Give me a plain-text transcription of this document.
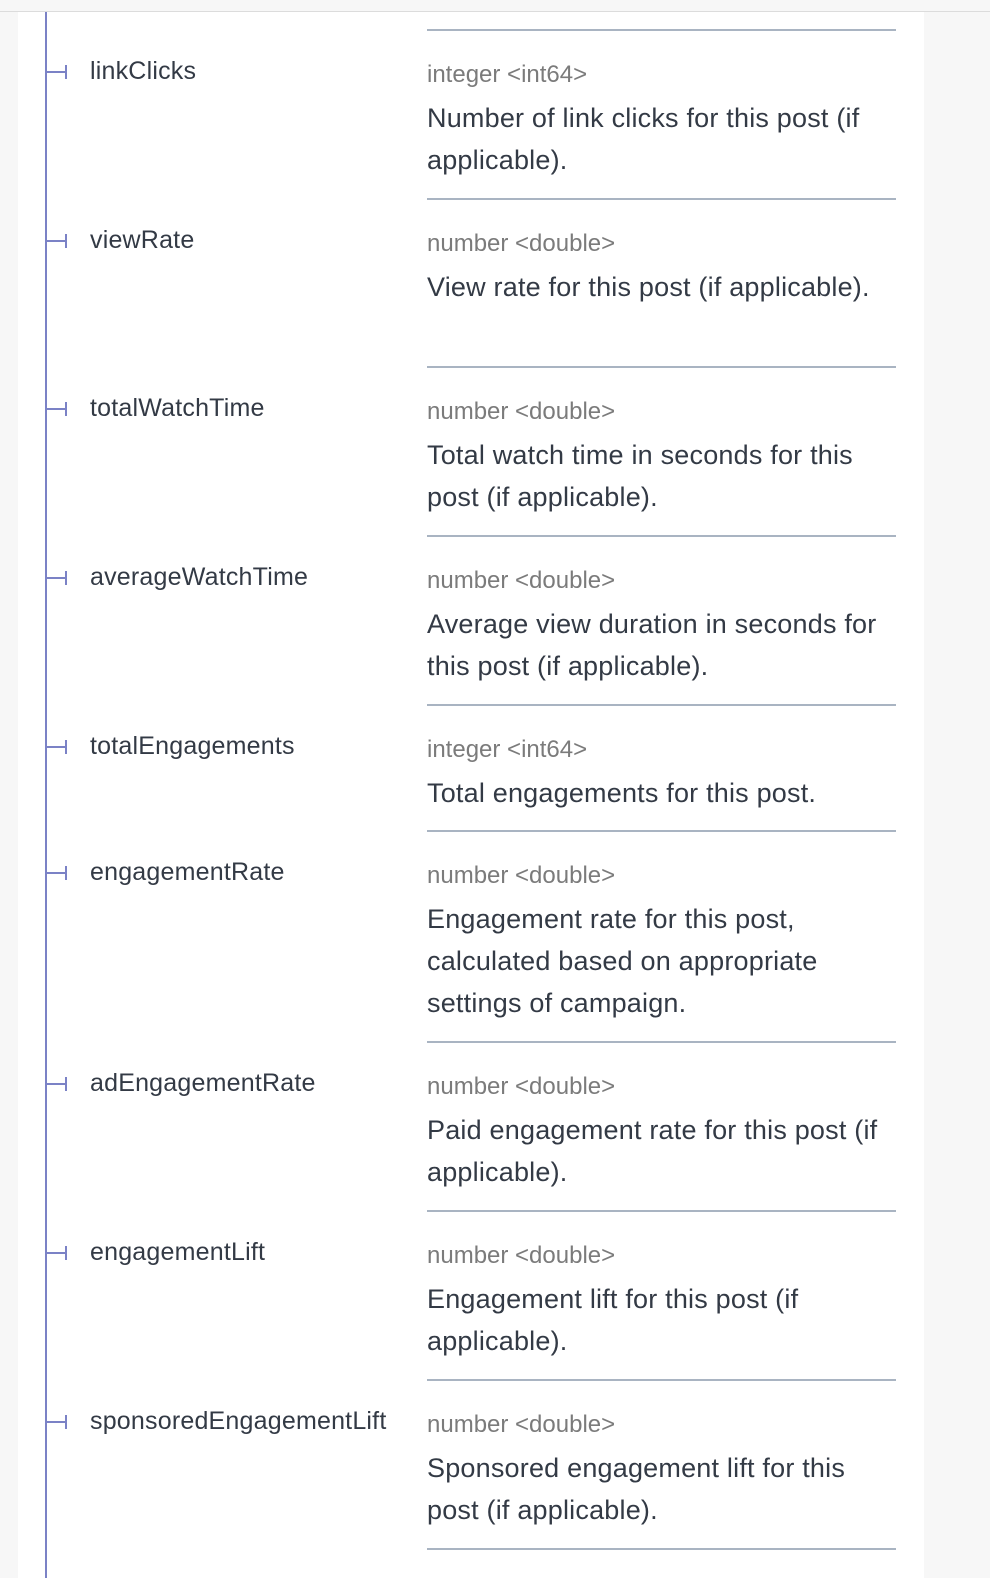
linkClicks	integer <int64>
Number of link clicks for this post (if applicable).
viewRate	number <double>
View rate for this post (if applicable).
totalWatchTime	number <double>
Total watch time in seconds for this post (if applicable).
averageWatchTime	number <double>
Average view duration in seconds for this post (if applicable).
totalEngagements	integer <int64>
Total engagements for this post.
engagementRate	number <double>
Engagement rate for this post, calculated based on appropriate settings of campaign.
adEngagementRate	number <double>
Paid engagement rate for this post (if applicable).
engagementLift	number <double>
Engagement lift for this post (if applicable).
sponsoredEngagementLift number <double>
Sponsored engagement lift for this post (if applicable).
